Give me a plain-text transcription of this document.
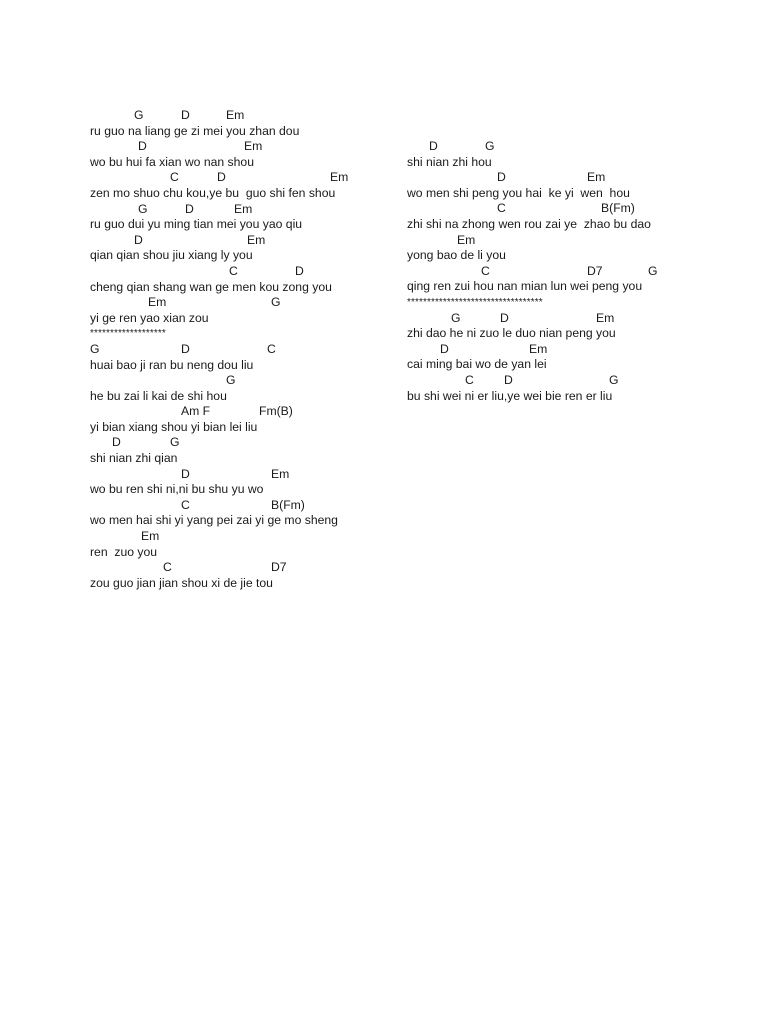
G	D	Em
ru guo na liang ge zi mei you zhan dou
D	Em
wo bu hui fa xian wo nan shou
C	D	Em
zen mo shuo chu kou,ye bu  guo shi fen shou
G	D	Em
ru guo dui yu ming tian mei you yao qiu
D	Em
qian qian shou jiu xiang ly you
C	D
cheng qian shang wan ge men kou zong you
Em	G
yi ge ren yao xian zou
*******************
G	D	C
huai bao ji ran bu neng dou liu
G
he bu zai li kai de shi hou
Am F	Fm(B)
yi bian xiang shou yi bian lei liu
D	G
shi nian zhi qian
D	Em
wo bu ren shi ni,ni bu shu yu wo
C	B(Fm)
wo men hai shi yi yang pei zai yi ge mo sheng
Em
ren  zuo you
C	D7
zou guo jian jian shou xi de jie tou
D	G
shi nian zhi hou
D	Em
wo men shi peng you hai  ke yi  wen  hou
C	B(Fm)
zhi shi na zhong wen rou zai ye  zhao bu dao
Em
yong bao de li you
C	D7	G
qing ren zui hou nan mian lun wei peng you
**********************************
G	D	Em
zhi dao he ni zuo le duo nian peng you
D	Em
cai ming bai wo de yan lei
C D	G
bu shi wei ni er liu,ye wei bie ren er liu
